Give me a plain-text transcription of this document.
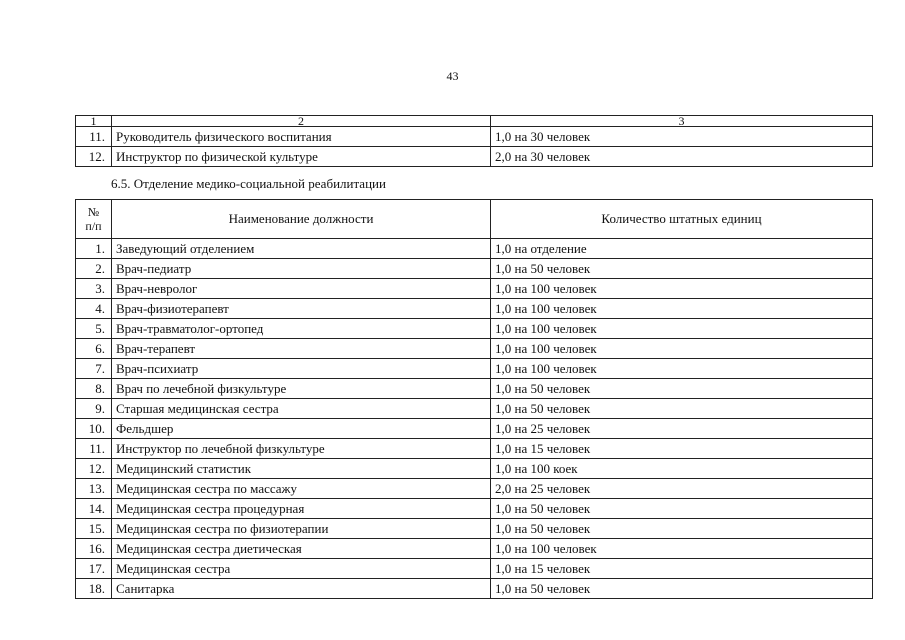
43
1	2	3
11.	Руководитель физического воспитания	1,0 на 30 человек
12.	Инструктор по физической культуре	2,0 на 30 человек
6.5. Отделение медико-социальной реабилитации
№
п/п	Наименование должности	Количество штатных единиц
1.	Заведующий отделением	1,0 на отделение
2.	Врач-педиатр	1,0 на 50 человек
3.	Врач-невролог	1,0 на 100 человек
4.	Врач-физиотерапевт	1,0 на 100 человек
5.	Врач-травматолог-ортопед	1,0 на 100 человек
6.	Врач-терапевт	1,0 на 100 человек
7.	Врач-психиатр	1,0 на 100 человек
8.	Врач по лечебной физкультуре	1,0 на 50 человек
9.	Старшая медицинская сестра	1,0 на 50 человек
10.	Фельдшер	1,0 на 25 человек
11.	Инструктор по лечебной физкультуре	1,0 на 15 человек
12.	Медицинский статистик	1,0 на 100 коек
13.	Медицинская сестра по массажу	2,0 на 25 человек
14.	Медицинская сестра процедурная	1,0 на 50 человек
15.	Медицинская сестра по физиотерапии	1,0 на 50 человек
16.	Медицинская сестра диетическая	1,0 на 100 человек
17.	Медицинская сестра	1,0 на 15 человек
18.	Санитарка	1,0 на 50 человек
